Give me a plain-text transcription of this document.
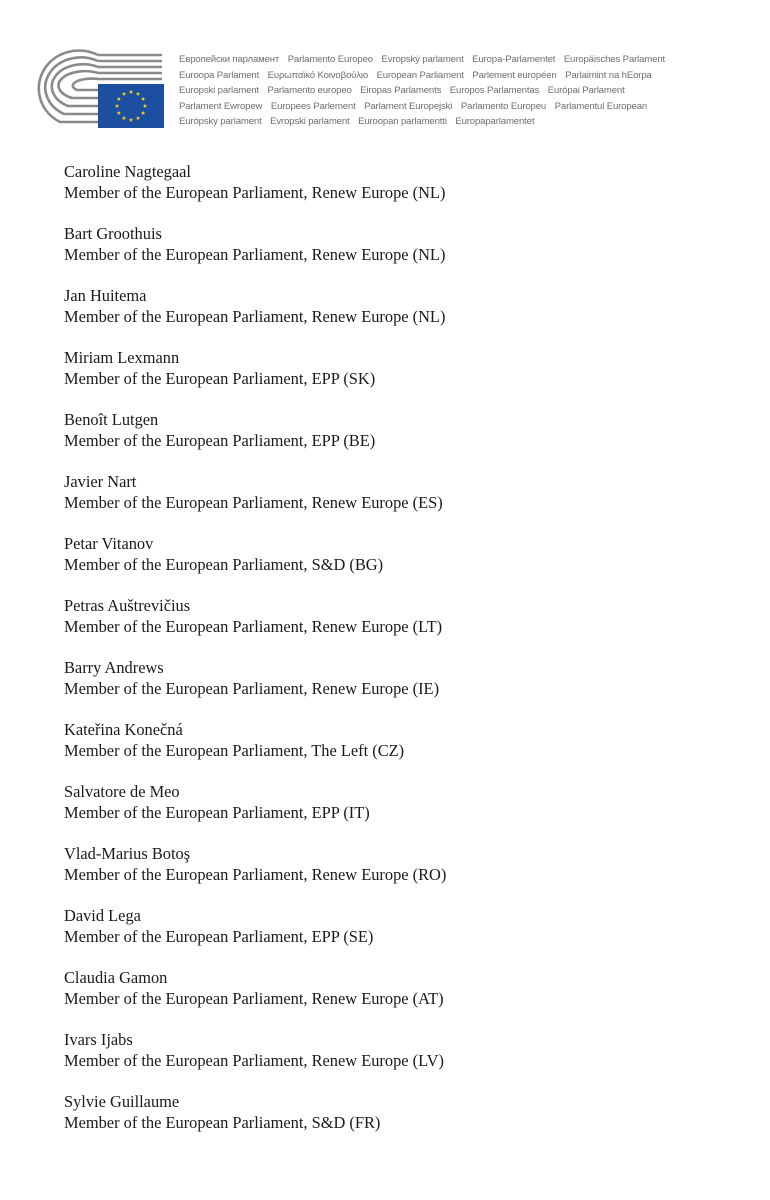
Европейски парламент Parlamento Europeo Evropský parlament Europa-Parlamentet Europäisches Parlament
Euroopa Parlament Ευρωπαϊκό Κοινοβούλιο European Parliament Parlement européen Parlaimint na hEorpa
Europski parlament Parlamento europeo Eiropas Parlaments Europos Parlamentas Európai Parlament
Parlament Ewropew Europees Parlement Parlament Europejski Parlamento Europeu Parlamentul European
Európsky parlament Evropski parlament Euroopan parlamentti Europaparlamentet
Caroline Nagtegaal
Member of the European Parliament, Renew Europe (NL)
Bart Groothuis
Member of the European Parliament, Renew Europe (NL)
Jan Huitema
Member of the European Parliament, Renew Europe (NL)
Miriam Lexmann
Member of the European Parliament, EPP (SK)
Benoît Lutgen
Member of the European Parliament, EPP (BE)
Javier Nart
Member of the European Parliament, Renew Europe (ES)
Petar Vitanov
Member of the European Parliament, S&D (BG)
Petras Auštrevičius
Member of the European Parliament, Renew Europe (LT)
Barry Andrews
Member of the European Parliament, Renew Europe (IE)
Kateřina Konečná
Member of the European Parliament, The Left (CZ)
Salvatore de Meo
Member of the European Parliament, EPP (IT)
Vlad-Marius Botoş
Member of the European Parliament, Renew Europe (RO)
David Lega
Member of the European Parliament, EPP (SE)
Claudia Gamon
Member of the European Parliament, Renew Europe (AT)
Ivars Ijabs
Member of the European Parliament, Renew Europe (LV)
Sylvie Guillaume
Member of the European Parliament, S&D (FR)
